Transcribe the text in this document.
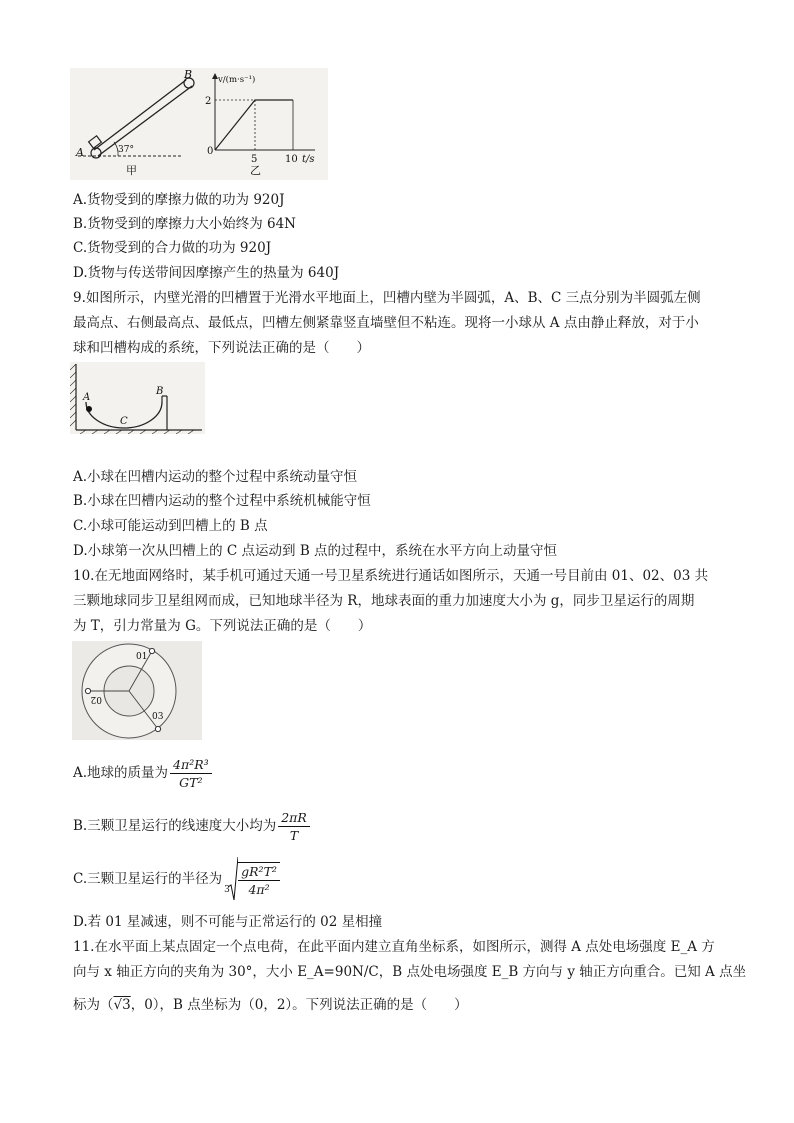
B
A	37°
甲
v/(m·s⁻¹)
2
0
5	10 t/s
乙
A.货物受到的摩擦力做的功为 920J
B.货物受到的摩擦力大小始终为 64N
C.货物受到的合力做的功为 920J
D.货物与传送带间因摩擦产生的热量为 640J
9.如图所示，内壁光滑的凹槽置于光滑水平地面上，凹槽内壁为半圆弧，A、B、C 三点分别为半圆弧左侧
最高点、右侧最高点、最低点，凹槽左侧紧靠竖直墙壁但不粘连。现将一小球从 A 点由静止释放，对于小
球和凹槽构成的系统，下列说法正确的是（　　）
A
B
C
A.小球在凹槽内运动的整个过程中系统动量守恒
B.小球在凹槽内运动的整个过程中系统机械能守恒
C.小球可能运动到凹槽上的 B 点
D.小球第一次从凹槽上的 C 点运动到 B 点的过程中，系统在水平方向上动量守恒
10.在无地面网络时，某手机可通过天通一号卫星系统进行通话如图所示，天通一号目前由 01、02、03 共
三颗地球同步卫星组网而成，已知地球半径为 R，地球表面的重力加速度大小为 g，同步卫星运行的周期
为 T，引力常量为 G。下列说法正确的是（　　）
01
02
03
A.地球的质量为 $\frac{\text{4π²R³}}{\text{GT²}}$
B.三颗卫星运行的线速度大小均为 $\frac{2\pi R}{T}$
C.三颗卫星运行的半径为
$3 \frac{\text{gR²T²}}{\text{4π²}}$
D.若 01 星减速，则不可能与正常运行的 02 星相撞
11.在水平面上某点固定一个点电荷，在此平面内建立直角坐标系，如图所示，测得 A 点处电场强度 E_A 方
向与 x 轴正方向的夹角为 30°，大小 E_A=90N/C，B 点处电场强度 E_B 方向与 y 轴正方向重合。已知 A 点坐
标为（√3，0），B 点坐标为（0，2）。下列说法正确的是（　　）
